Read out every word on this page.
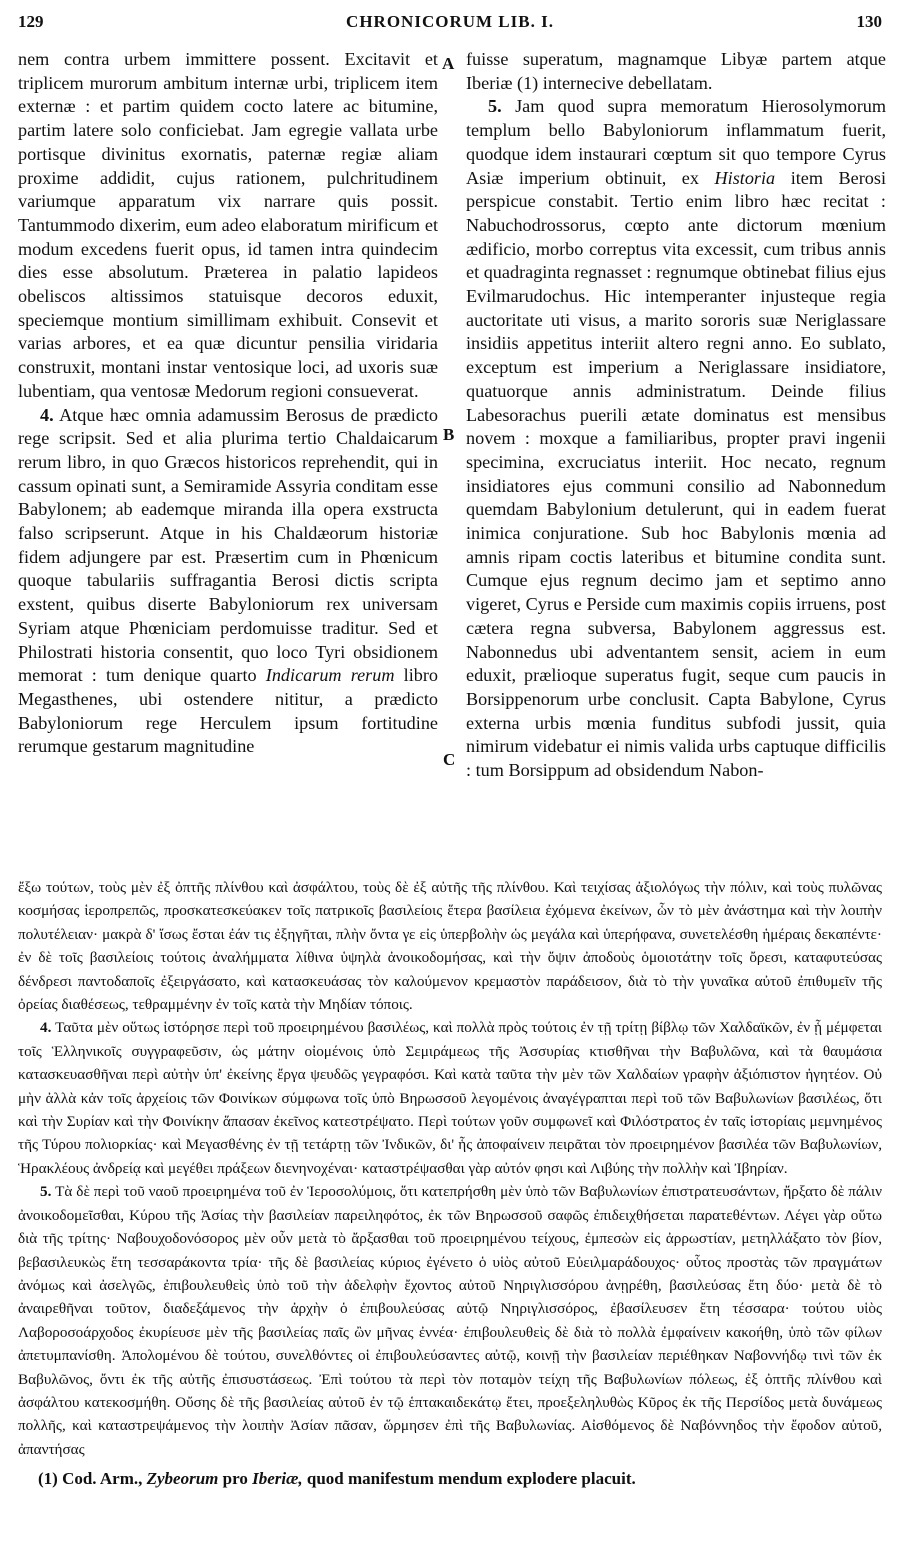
129	CHRONICORUM LIB. I.	130

nem contra urbem immittere possent. Excitavit et triplicem murorum ambitum internæ urbi, triplicem item externæ : et partim quidem cocto latere ac bitumine, partim latere solo conficiebat. Jam egregie vallata urbe portisque divinitus exornatis, paternæ regiæ aliam proxime addidit, cujus rationem, pulchritudinem variumque apparatum vix narrare quis possit. Tantummodo dixerim, eum adeo elaboratum mirificum et modum excedens fuerit opus, id tamen intra quindecim dies esse absolutum. Præterea in palatio lapideos obeliscos altissimos statuisque decoros eduxit, speciemque montium simillimam exhibuit. Consevit et varias arbores, et ea quæ dicuntur pensilia viridaria construxit, montani instar ventosique loci, ad uxoris suæ lubentiam, qua ventosæ Medorum regioni consueverat.

4. Atque hæc omnia adamussim Berosus de prædicto rege scripsit. Sed et alia plurima tertio Chaldaicarum rerum libro, in quo Græcos historicos reprehendit, qui in cassum opinati sunt, a Semiramide Assyria conditam esse Babylonem; ab eademque miranda illa opera exstructa falso scripserunt. Atque in his Chaldæorum historiæ fidem adjungere par est. Præsertim cum in Phœnicum quoque tabulariis suffragantia Berosi dictis scripta exstent, quibus diserte Babyloniorum rex universam Syriam atque Phœniciam perdomuisse traditur. Sed et Philostrati historia consentit, quo loco Tyri obsidionem memorat : tum denique quarto Indicarum rerum libro Megasthenes, ubi ostendere nititur, a prædicto Babyloniorum rege Herculem ipsum fortitudine rerumque gestarum magnitudine

A
B
C

fuisse superatum, magnamque Libyæ partem atque Iberiæ (1) internecive debellatam.

5. Jam quod supra memoratum Hierosolymorum templum bello Babyloniorum inflammatum fuerit, quodque idem instaurari cœptum sit quo tempore Cyrus Asiæ imperium obtinuit, ex Historia item Berosi perspicue constabit. Tertio enim libro hæc recitat : Nabuchodrossorus, cœpto ante dictorum mœnium ædificio, morbo correptus vita excessit, cum tribus annis et quadraginta regnasset : regnumque obtinebat filius ejus Evilmarudochus. Hic intemperanter injusteque regia auctoritate uti visus, a marito sororis suæ Neriglassare insidiis appetitus interiit altero regni anno. Eo sublato, exceptum est imperium a Neriglassare insidiatore, quatuorque annis administratum. Deinde filius Labesorachus puerili ætate dominatus est mensibus novem : moxque a familiaribus, propter pravi ingenii specimina, excruciatus interiit. Hoc necato, regnum insidiatores ejus communi consilio ad Nabonnedum quemdam Babylonium detulerunt, qui in eadem fuerat inimica conjuratione. Sub hoc Babylonis mœnia ad amnis ripam coctis lateribus et bitumine condita sunt. Cumque ejus regnum decimo jam et septimo anno vigeret, Cyrus e Perside cum maximis copiis irruens, post cætera regna subversa, Babylonem aggressus est. Nabonnedus ubi adventantem sensit, aciem in eum eduxit, prælioque superatus fugit, seque cum paucis in Borsippenorum urbe conclusit. Capta Babylone, Cyrus externa urbis mœnia funditus subfodi jussit, quia nimirum videbatur ei nimis valida urbs captuque difficilis : tum Borsippum ad obsidendum Nabon-

ἔξω τούτων, τοὺς μὲν ἐξ ὀπτῆς πλίνθου καὶ ἀσφάλτου, τοὺς δὲ ἐξ αὐτῆς τῆς πλίνθου. Καὶ τειχίσας ἀξιολόγως τὴν πόλιν, καὶ τοὺς πυλῶνας κοσμήσας ἱεροπρεπῶς, προσκατεσκεύακεν τοῖς πατρικοῖς βασιλείοις ἕτερα βασίλεια ἐχόμενα ἐκείνων, ὧν τὸ μὲν ἀνάστημα καὶ τὴν λοιπὴν πολυτέλειαν· μακρὰ δ' ἴσως ἔσται ἐάν τις ἐξηγῆται, πλὴν ὄντα γε εἰς ὑπερβολὴν ὡς μεγάλα καὶ ὑπερήφανα, συνετελέσθη ἡμέραις δεκαπέντε· ἐν δὲ τοῖς βασιλείοις τούτοις ἀναλήμματα λίθινα ὑψηλὰ ἀνοικοδομήσας, καὶ τὴν ὄψιν ἀποδοὺς ὁμοιοτάτην τοῖς ὄρεσι, καταφυτεύσας δένδρεσι παντοδαποῖς ἐξειργάσατο, καὶ κατασκευάσας τὸν καλούμενον κρεμαστὸν παράδεισον, διὰ τὸ τὴν γυναῖκα αὐτοῦ ἐπιθυμεῖν τῆς ὀρείας διαθέσεως, τεθραμμένην ἐν τοῖς κατὰ τὴν Μηδίαν τόποις.

4. Ταῦτα μὲν οὕτως ἱστόρησε περὶ τοῦ προειρημένου βασιλέως, καὶ πολλὰ πρὸς τούτοις ἐν τῇ τρίτῃ βίβλῳ τῶν Χαλδαϊκῶν, ἐν ᾗ μέμφεται τοῖς Ἑλληνικοῖς συγγραφεῦσιν, ὡς μάτην οἰομένοις ὑπὸ Σεμιράμεως τῆς Ἀσσυρίας κτισθῆναι τὴν Βαβυλῶνα, καὶ τὰ θαυμάσια κατασκευασθῆναι περὶ αὐτὴν ὑπ' ἐκείνης ἔργα ψευδῶς γεγραφόσι. Καὶ κατὰ ταῦτα τὴν μὲν τῶν Χαλδαίων γραφὴν ἀξιόπιστον ἡγητέον. Οὐ μὴν ἀλλὰ κἀν τοῖς ἀρχείοις τῶν Φοινίκων σύμφωνα τοῖς ὑπὸ Βηρωσσοῦ λεγομένοις ἀναγέγραπται περὶ τοῦ τῶν Βαβυλωνίων βασιλέως, ὅτι καὶ τὴν Συρίαν καὶ τὴν Φοινίκην ἅπασαν ἐκεῖνος κατεστρέψατο. Περὶ τούτων γοῦν συμφωνεῖ καὶ Φιλόστρατος ἐν ταῖς ἱστορίαις μεμνημένος τῆς Τύρου πολιορκίας· καὶ Μεγασθένης ἐν τῇ τετάρτῃ τῶν Ἰνδικῶν, δι' ἧς ἀποφαίνειν πειρᾶται τὸν προειρημένον βασιλέα τῶν Βαβυλωνίων, Ἡρακλέους ἀνδρείᾳ καὶ μεγέθει πράξεων διενηνοχέναι· καταστρέψασθαι γὰρ αὐτόν φησι καὶ Λιβύης τὴν πολλὴν καὶ Ἰβηρίαν.

5. Τὰ δὲ περὶ τοῦ ναοῦ προειρημένα τοῦ ἐν Ἱεροσολύμοις, ὅτι κατεπρήσθη μὲν ὑπὸ τῶν Βαβυλωνίων ἐπιστρατευσάντων, ἤρξατο δὲ πάλιν ἀνοικοδομεῖσθαι, Κύρου τῆς Ἀσίας τὴν βασιλείαν παρειληφότος, ἐκ τῶν Βηρωσσοῦ σαφῶς ἐπιδειχθήσεται παρατεθέντων. Λέγει γὰρ οὕτω διὰ τῆς τρίτης· Ναβουχοδονόσορος μὲν οὖν μετὰ τὸ ἄρξασθαι τοῦ προειρημένου τείχους, ἐμπεσὼν εἰς ἀρρωστίαν, μετηλλάξατο τὸν βίον, βεβασιλευκὼς ἔτη τεσσαράκοντα τρία· τῆς δὲ βασιλείας κύριος ἐγένετο ὁ υἱὸς αὐτοῦ Εὐειλμαράδουχος· οὗτος προστὰς τῶν πραγμάτων ἀνόμως καὶ ἀσελγῶς, ἐπιβουλευθεὶς ὑπὸ τοῦ τὴν ἀδελφὴν ἔχοντος αὐτοῦ Νηριγλισσόρου ἀνῃρέθη, βασιλεύσας ἔτη δύο· μετὰ δὲ τὸ ἀναιρεθῆναι τοῦτον, διαδεξάμενος τὴν ἀρχὴν ὁ ἐπιβουλεύσας αὐτῷ Νηριγλισσόρος, ἐβασίλευσεν ἔτη τέσσαρα· τούτου υἱὸς Λαβοροσοάρχοδος ἐκυρίευσε μὲν τῆς βασιλείας παῖς ὢν μῆνας ἐννέα· ἐπιβουλευθεὶς δὲ διὰ τὸ πολλὰ ἐμφαίνειν κακοήθη, ὑπὸ τῶν φίλων ἀπετυμπανίσθη. Ἀπολομένου δὲ τούτου, συνελθόντες οἱ ἐπιβουλεύσαντες αὐτῷ, κοινῇ τὴν βασιλείαν περιέθηκαν Ναβοννήδῳ τινὶ τῶν ἐκ Βαβυλῶνος, ὄντι ἐκ τῆς αὐτῆς ἐπισυστάσεως. Ἐπὶ τούτου τὰ περὶ τὸν ποταμὸν τείχη τῆς Βαβυλωνίων πόλεως, ἐξ ὀπτῆς πλίνθου καὶ ἀσφάλτου κατεκοσμήθη. Οὔσης δὲ τῆς βασιλείας αὐτοῦ ἐν τῷ ἑπτακαιδεκάτῳ ἔτει, προεξεληλυθὼς Κῦρος ἐκ τῆς Περσίδος μετὰ δυνάμεως πολλῆς, καὶ καταστρεψάμενος τὴν λοιπὴν Ἀσίαν πᾶσαν, ὥρμησεν ἐπὶ τῆς Βαβυλωνίας. Αἰσθόμενος δὲ Ναβόννηδος τὴν ἔφοδον αὐτοῦ, ἀπαντήσας

(1) Cod. Arm., Zybeorum pro Iberiæ, quod manifestum mendum explodere placuit.
